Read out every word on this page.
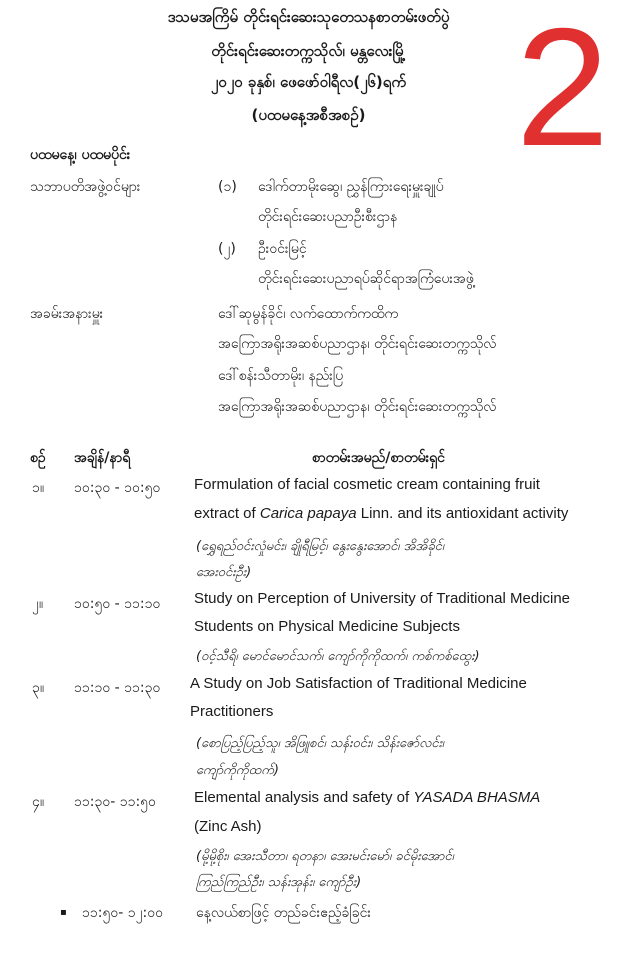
ဒသမအကြိမ် တိုင်းရင်းဆေးသုတေသနစာတမ်းဖတ်ပွဲ
တိုင်းရင်းဆေးတက္ကသိုလ်၊ မန္တလေးမြို့
၂၀၂၀ ခုနှစ်၊ ဖေဖော်ဝါရီလ(၂၆)ရက်
(ပထမနေ့အစီအစဉ်) 2
ပထမနေ့၊ ပထမပိုင်း
သဘာပတိအဖွဲ့ဝင်များ	(၁) ဒေါက်တာမိုးဆွေ၊ ညွှန်ကြားရေးမှူးချုပ်
တိုင်းရင်းဆေးပညာဦးစီးဌာန
(၂) ဦးဝင်းမြင့်
တိုင်းရင်းဆေးပညာရပ်ဆိုင်ရာအကြံပေးအဖွဲ့
အခမ်းအနားမှူး	ဒေါ်ဆုမွန်ခိုင်၊ လက်ထောက်ကထိက
အကြောအရိုးအဆစ်ပညာဌာန၊ တိုင်းရင်းဆေးတက္ကသိုလ်
ဒေါ်စန်းသီတာမိုး၊ နည်းပြ
အကြောအရိုးအဆစ်ပညာဌာန၊ တိုင်းရင်းဆေးတက္ကသိုလ်
စဉ် အချိန်/နာရီ	စာတမ်းအမည်/စာတမ်းရှင်
၁။ ၁၀:၃၀ - ၁၀:၅၀ Formulation of facial cosmetic cream containing fruit
extract of Carica papaya Linn. and its antioxidant activity
(ရွှေရည်ဝင်းလှုံမင်း၊ ချိုရီမြင့်၊ နွေးနွေးအောင်၊ အိအိခိုင်၊
အေးဝင်းဦး)
၂။ ၁၀:၅၀ - ၁၁:၁၀ Study on Perception of University of Traditional Medicine
Students on Physical Medicine Subjects
(ဝင့်သီရိ၊ မောင်မောင်သက်၊ ကျော်ကိုကိုထက်၊ ကစ်ကစ်ထွေး)
၃။ ၁၁:၁၀ - ၁၁:၃၀ A Study on Job Satisfaction of Traditional Medicine
Practitioners
(စောပြည့်ပြည့်သူ၊ အိဖြူစင်၊ သန်းဝင်း၊ သိန်းဇော်လင်း၊
ကျော်ကိုကိုထက်)
၄။ ၁၁:၃၀- ၁၁:၅၀	Elemental analysis and safety of YASADA BHASMA
(Zinc Ash)
(မို့မို့စိုး၊ အေးသီတာ၊ ရတနာ၊ အေးမင်းမော်၊ ခင်မိုးအောင်၊
ကြည်ကြည်ဦး၊ သန်းအုန်း၊ ကျော်ဦး)
▪ ၁၁:၅၀- ၁၂:၀၀ နေ့လယ်စာဖြင့် တည်ခင်းဧည့်ခံခြင်း
